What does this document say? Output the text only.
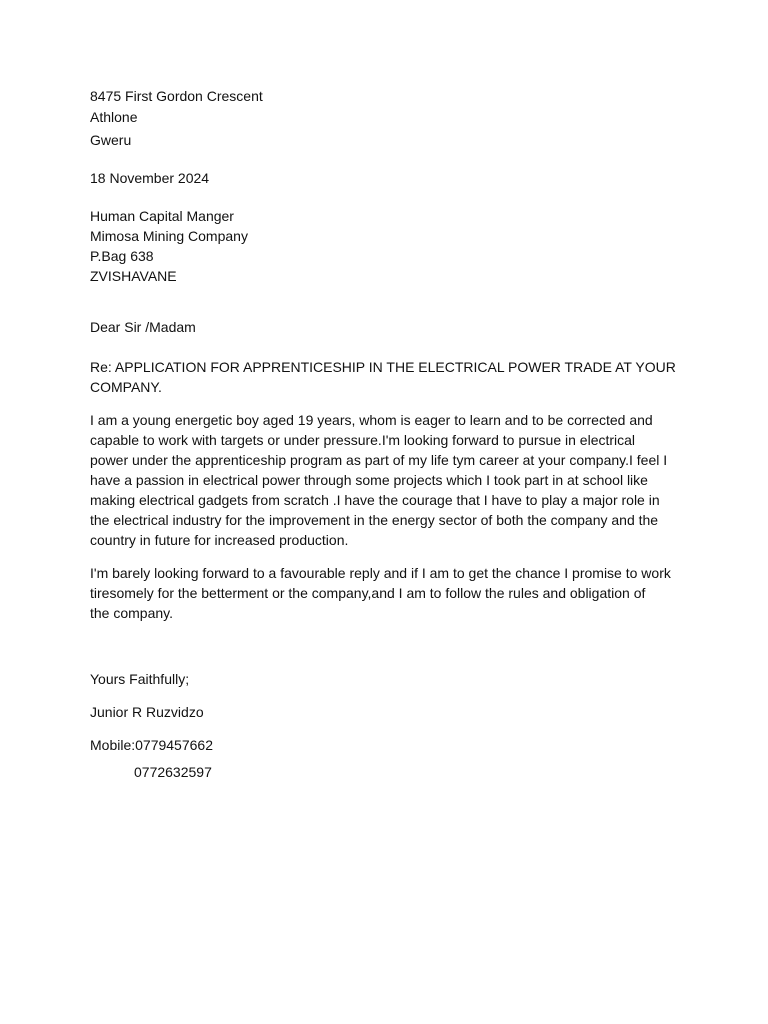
8475 First Gordon Crescent
Athlone
Gweru
18 November 2024
Human Capital Manger
Mimosa Mining Company
P.Bag 638
ZVISHAVANE
Dear Sir /Madam
Re: APPLICATION FOR APPRENTICESHIP IN THE ELECTRICAL POWER TRADE AT YOUR
COMPANY.
I am a young energetic boy aged 19 years, whom is eager to learn and to be corrected and
capable to work with targets or under pressure.I'm looking forward to pursue in electrical
power under the apprenticeship program as part of my life tym career at your company.I feel I
have a passion in electrical power through some projects which I took part in at school like
making electrical gadgets from scratch .I have the courage that I have to play a major role in
the electrical industry for the improvement in the energy sector of both the company and the
country in future for increased production.
I'm barely looking forward to a favourable reply and if I am to get the chance I promise to work
tiresomely for the betterment or the company,and I am to follow the rules and obligation of
the company.
Yours Faithfully;
Junior R Ruzvidzo
Mobile:0779457662
0772632597
